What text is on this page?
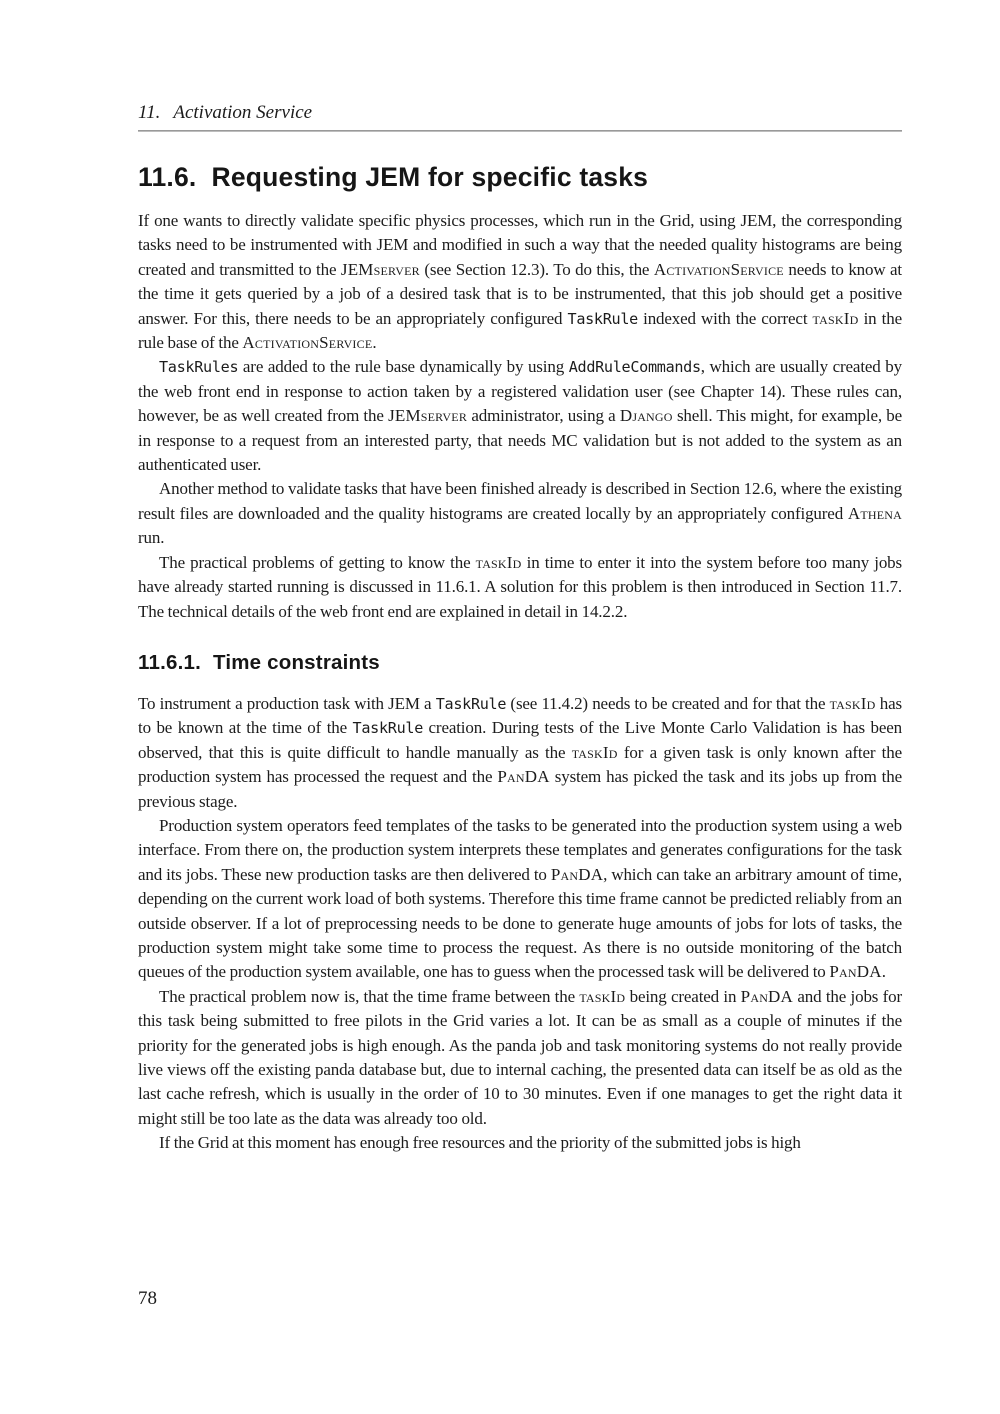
11. Activation Service
11.6. Requesting JEM for specific tasks

If one wants to directly validate specific physics processes, which run in the Grid, using JEM, the corresponding tasks need to be instrumented with JEM and modified in such a way that the needed quality histograms are being created and transmitted to the JEMserver (see Section 12.3). To do this, the ActivationService needs to know at the time it gets queried by a job of a desired task that is to be instrumented, that this job should get a positive answer. For this, there needs to be an appropriately configured TaskRule indexed with the correct taskId in the rule base of the ActivationService.

TaskRules are added to the rule base dynamically by using AddRuleCommands, which are usually created by the web front end in response to action taken by a registered validation user (see Chapter 14). These rules can, however, be as well created from the JEMserver administrator, using a Django shell. This might, for example, be in response to a request from an interested party, that needs MC validation but is not added to the system as an authenticated user.

Another method to validate tasks that have been finished already is described in Section 12.6, where the existing result files are downloaded and the quality histograms are created locally by an appropriately configured Athena run.

The practical problems of getting to know the taskId in time to enter it into the system before too many jobs have already started running is discussed in 11.6.1. A solution for this problem is then introduced in Section 11.7. The technical details of the web front end are explained in detail in 14.2.2.

11.6.1. Time constraints

To instrument a production task with JEM a TaskRule (see 11.4.2) needs to be created and for that the taskId has to be known at the time of the TaskRule creation. During tests of the Live Monte Carlo Validation is has been observed, that this is quite difficult to handle manually as the taskId for a given task is only known after the production system has processed the request and the PanDA system has picked the task and its jobs up from the previous stage.

Production system operators feed templates of the tasks to be generated into the production system using a web interface. From there on, the production system interprets these templates and generates configurations for the task and its jobs. These new production tasks are then delivered to PanDA, which can take an arbitrary amount of time, depending on the current work load of both systems. Therefore this time frame cannot be predicted reliably from an outside observer. If a lot of preprocessing needs to be done to generate huge amounts of jobs for lots of tasks, the production system might take some time to process the request. As there is no outside monitoring of the batch queues of the production system available, one has to guess when the processed task will be delivered to PanDA.

The practical problem now is, that the time frame between the taskId being created in PanDA and the jobs for this task being submitted to free pilots in the Grid varies a lot. It can be as small as a couple of minutes if the priority for the generated jobs is high enough. As the panda job and task monitoring systems do not really provide live views off the existing panda database but, due to internal caching, the presented data can itself be as old as the last cache refresh, which is usually in the order of 10 to 30 minutes. Even if one manages to get the right data it might still be too late as the data was already too old.

If the Grid at this moment has enough free resources and the priority of the submitted jobs is high

78
